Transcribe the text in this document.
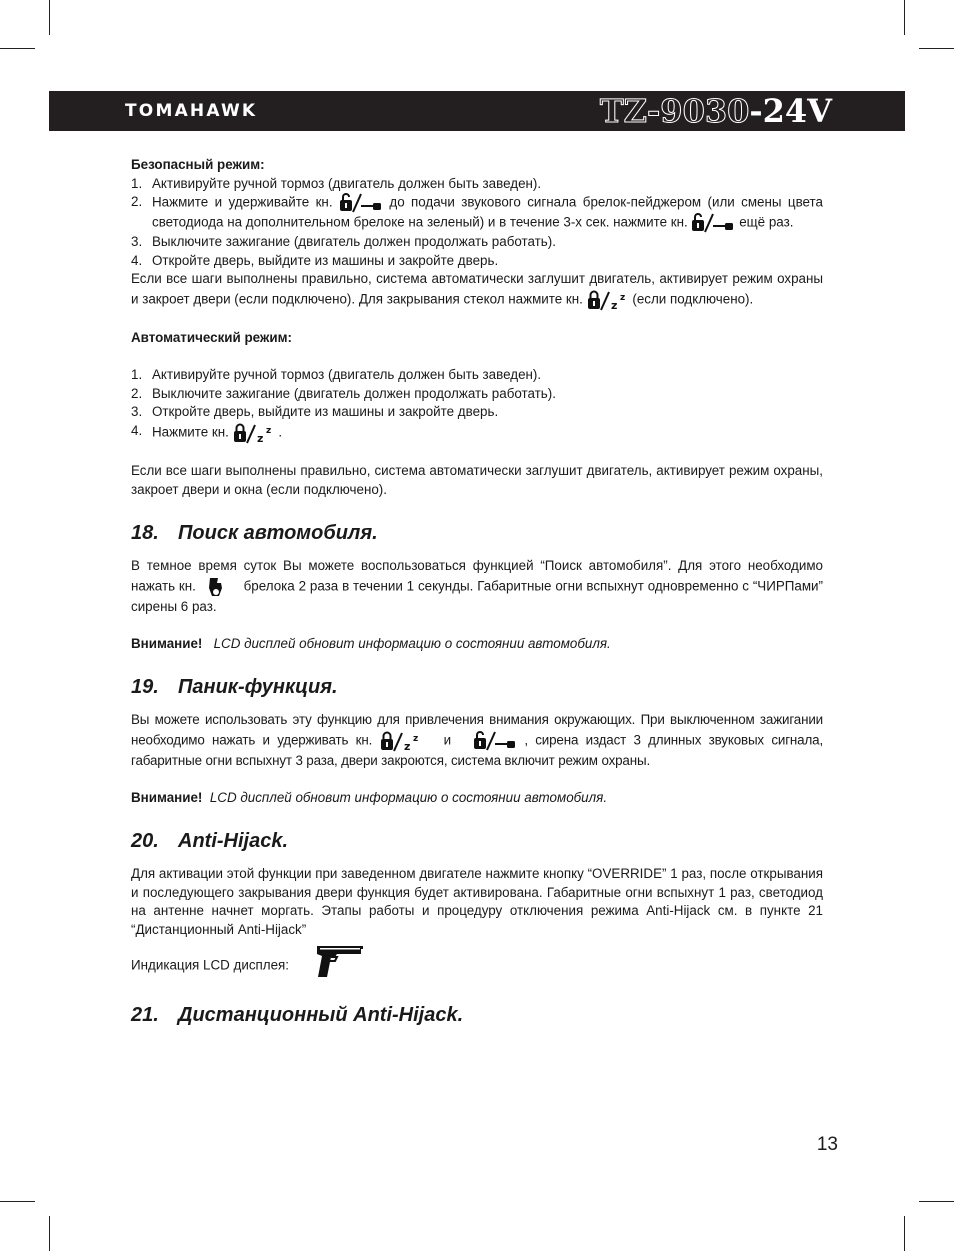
TOMAHAWK	TZ-9030-24V

Безопасный режим:

1. Активируйте ручной тормоз (двигатель должен быть заведен).
2. Нажмите и удерживайте кн.	до подачи звукового сигнала брелок-пейджером (или смены цвета светодиода на дополнительном брелоке на зеленый) и в течение 3-х сек. нажмите кн.	ещё раз.
3. Выключите зажигание (двигатель должен продолжать работать).
4. Откройте дверь, выйдите из машины и закройте дверь.

Если все шаги выполнены правильно, система автоматически заглушит двигатель, активирует режим охраны и закроет двери (если подключено). Для закрывания стекол нажмите кн.	z
z (если подключено).

Автоматический режим:

1. Активируйте ручной тормоз (двигатель должен быть заведен).
2. Выключите зажигание (двигатель должен продолжать работать).
3. Откройте дверь, выйдите из машины и закройте дверь.
4. Нажмите кн.	z
z .

Если все шаги выполнены правильно, система автоматически заглушит двигатель, активирует режим охраны, закроет двери и окна (если подключено).

18. Поиск автомобиля.

В темное время суток Вы можете воспользоваться функцией “Поиск автомобиля”. Для этого необходимо нажать кн.	брелока 2 раза в течении 1 секунды. Габаритные огни вспыхнут одновременно с “ЧИРПами” сирены 6 раз.

Внимание! LCD дисплей обновит информацию о состоянии автомобиля.

19. Паник-функция.

Вы можете использовать эту функцию для привлечения внимания окружающих. При выключенном зажигании необходимо нажать и удерживать кн.	z
z и	, сирена издаст 3 длинных звуковых сигнала, габаритные огни вспыхнут 3 раза, двери закроются, система включит режим охраны.

Внимание! LCD дисплей обновит информацию о состоянии автомобиля.

20. Anti-Hijack.

Для активации этой функции при заведенном двигателе нажмите кнопку “OVERRIDE” 1 раз, после открывания и последующего закрывания двери функция будет активирована. Габаритные огни вспыхнут 1 раз, светодиод на антенне начнет моргать. Этапы работы и процедуру отключения режима Anti-Hijack см. в пункте 21 “Дистанционный Anti-Hijack”

Индикация LCD дисплея:

21. Дистанционный Anti-Hijack.
13
